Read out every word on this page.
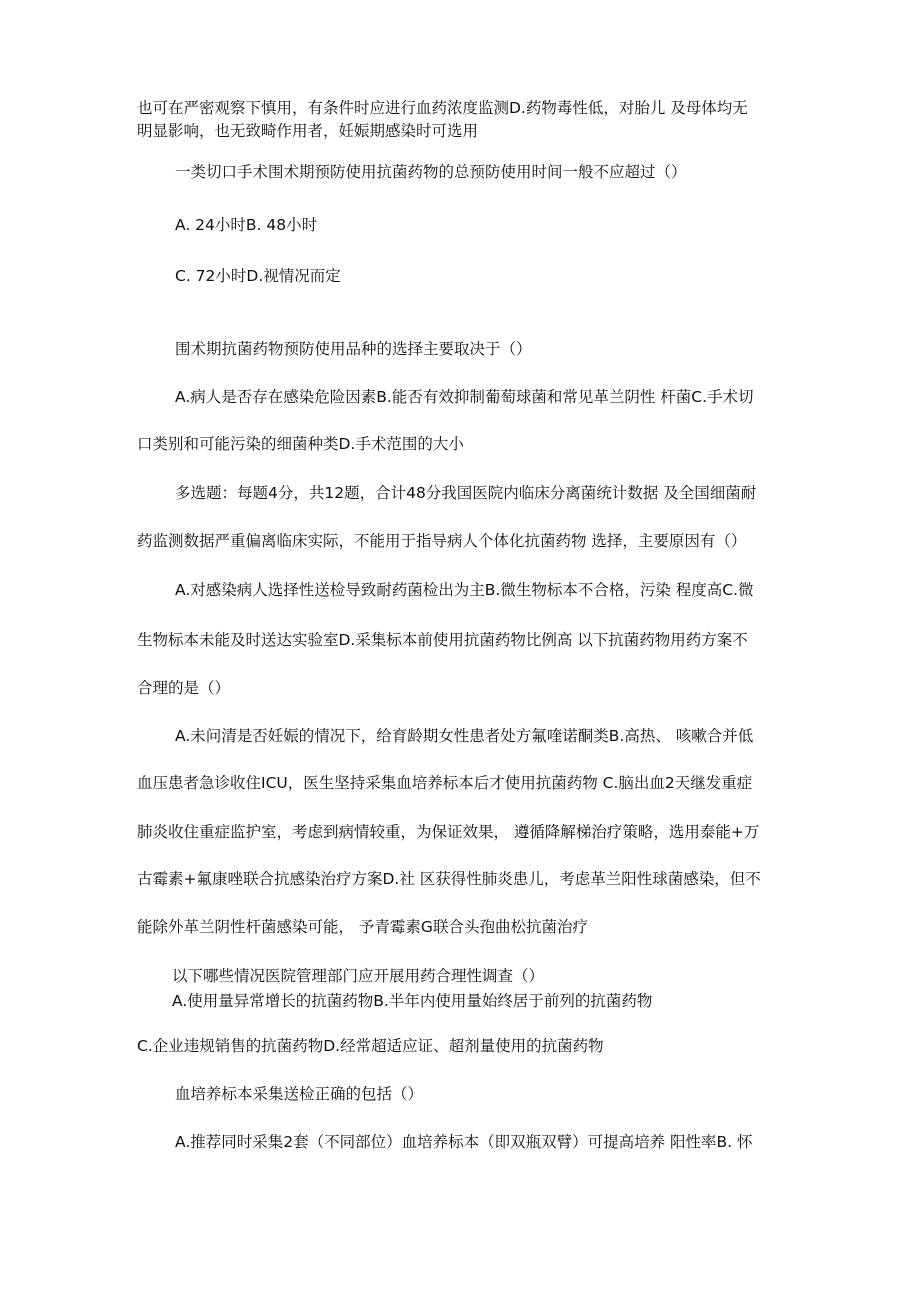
也可在严密观察下慎用，有条件时应进行血药浓度监测D.药物毒性低，对胎儿 及母体均无
明显影响，也无致畸作用者，妊娠期感染时可选用
一类切口手术围术期预防使用抗菌药物的总预防使用时间一般不应超过（）
A. 24小时B. 48小时
C. 72小时D.视情况而定
围术期抗菌药物预防使用品种的选择主要取决于（）
A.病人是否存在感染危险因素B.能否有效抑制葡萄球菌和常见革兰阴性 杆菌C.手术切
口类别和可能污染的细菌种类D.手术范围的大小
多选题：每题4分，共12题，合计48分我国医院内临床分离菌统计数据 及全国细菌耐
药监测数据严重偏离临床实际，不能用于指导病人个体化抗菌药物 选择，主要原因有（）
A.对感染病人选择性送检导致耐药菌检出为主B.微生物标本不合格，污染 程度高C.微
生物标本未能及时送达实验室D.采集标本前使用抗菌药物比例高 以下抗菌药物用药方案不
合理的是（）
A.未问清是否妊娠的情况下，给育龄期女性患者处方氟喹诺酮类B.高热、 咳嗽合并低
血压患者急诊收住ICU，医生坚持采集血培养标本后才使用抗菌药物 C.脑出血2天继发重症
肺炎收住重症监护室，考虑到病情较重，为保证效果， 遵循降解梯治疗策略，选用泰能+万
古霉素+氟康唑联合抗感染治疗方案D.社 区获得性肺炎患儿，考虑革兰阳性球菌感染，但不
能除外革兰阴性杆菌感染可能， 予青霉素G联合头孢曲松抗菌治疗
以下哪些情况医院管理部门应开展用药合理性调查（）
A.使用量异常增长的抗菌药物B.半年内使用量始终居于前列的抗菌药物
C.企业违规销售的抗菌药物D.经常超适应证、超剂量使用的抗菌药物
血培养标本采集送检正确的包括（）
A.推荐同时采集2套（不同部位）血培养标本（即双瓶双臂）可提高培养 阳性率B. 怀
